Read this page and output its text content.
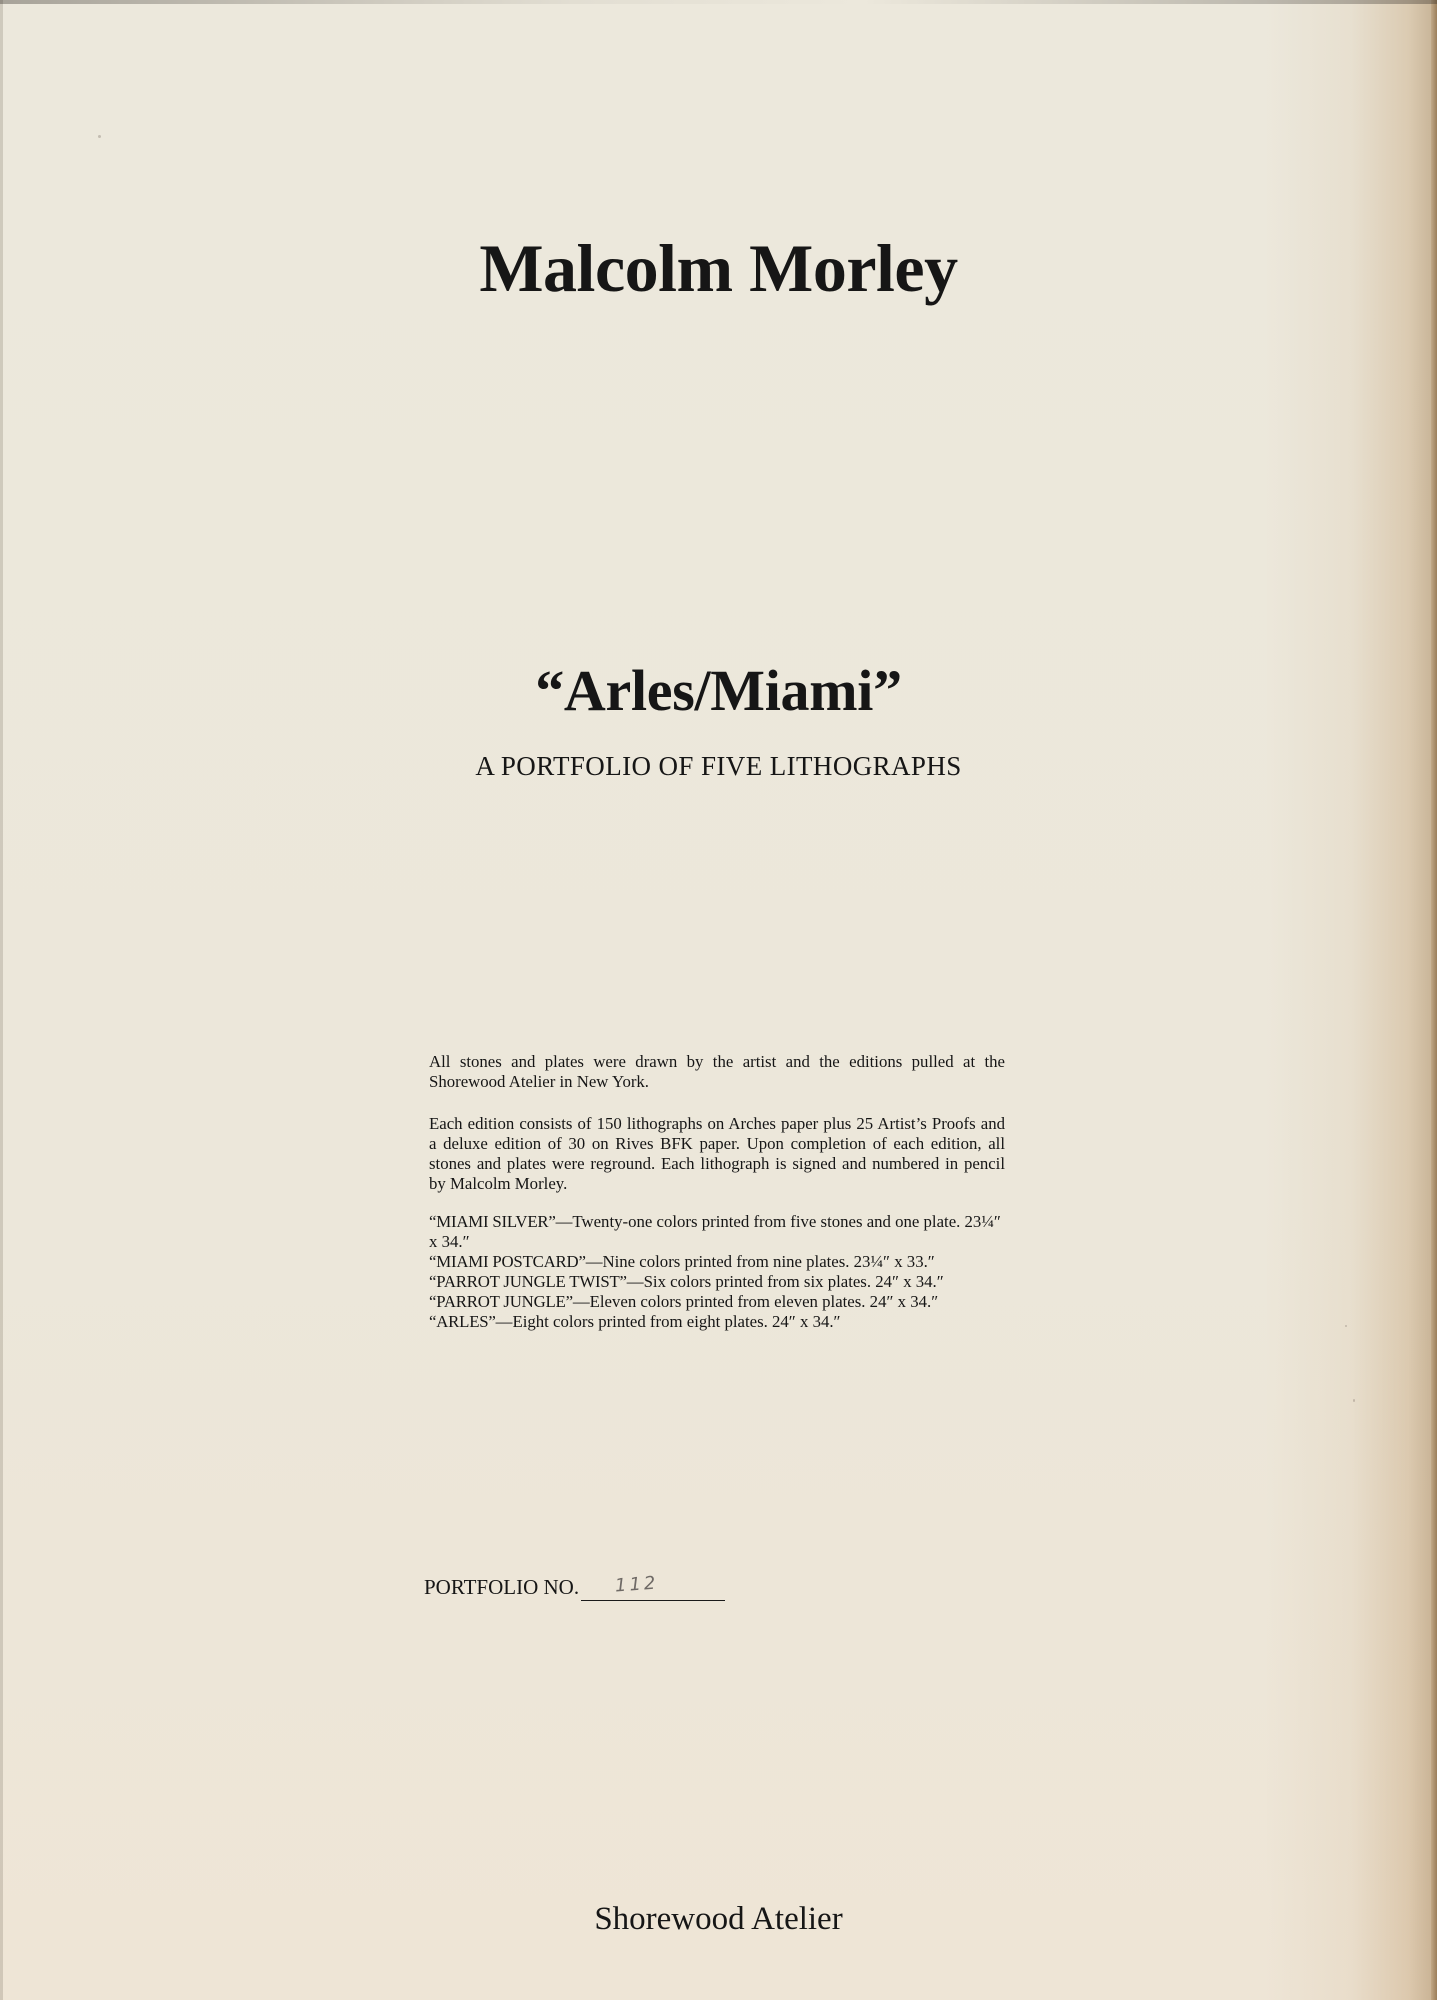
Malcolm Morley
“Arles/Miami”
A PORTFOLIO OF FIVE LITHOGRAPHS

All stones and plates were drawn by the artist and the editions pulled at the Shorewood Atelier in New York.

Each edition consists of 150 lithographs on Arches paper plus 25 Artist’s Proofs and a deluxe edition of 30 on Rives BFK paper. Upon completion of each edition, all stones and plates were reground. Each lithograph is signed and numbered in pencil by Malcolm Morley.

“MIAMI SILVER”—Twenty-one colors printed from five stones and one plate. 23¼″ x 34.″

“MIAMI POSTCARD”—Nine colors printed from nine plates. 23¼″ x 33.″

“PARROT JUNGLE TWIST”—Six colors printed from six plates. 24″ x 34.″

“PARROT JUNGLE”—Eleven colors printed from eleven plates. 24″ x 34.″

“ARLES”—Eight colors printed from eight plates. 24″ x 34.″

PORTFOLIO NO. 112
Shorewood Atelier
